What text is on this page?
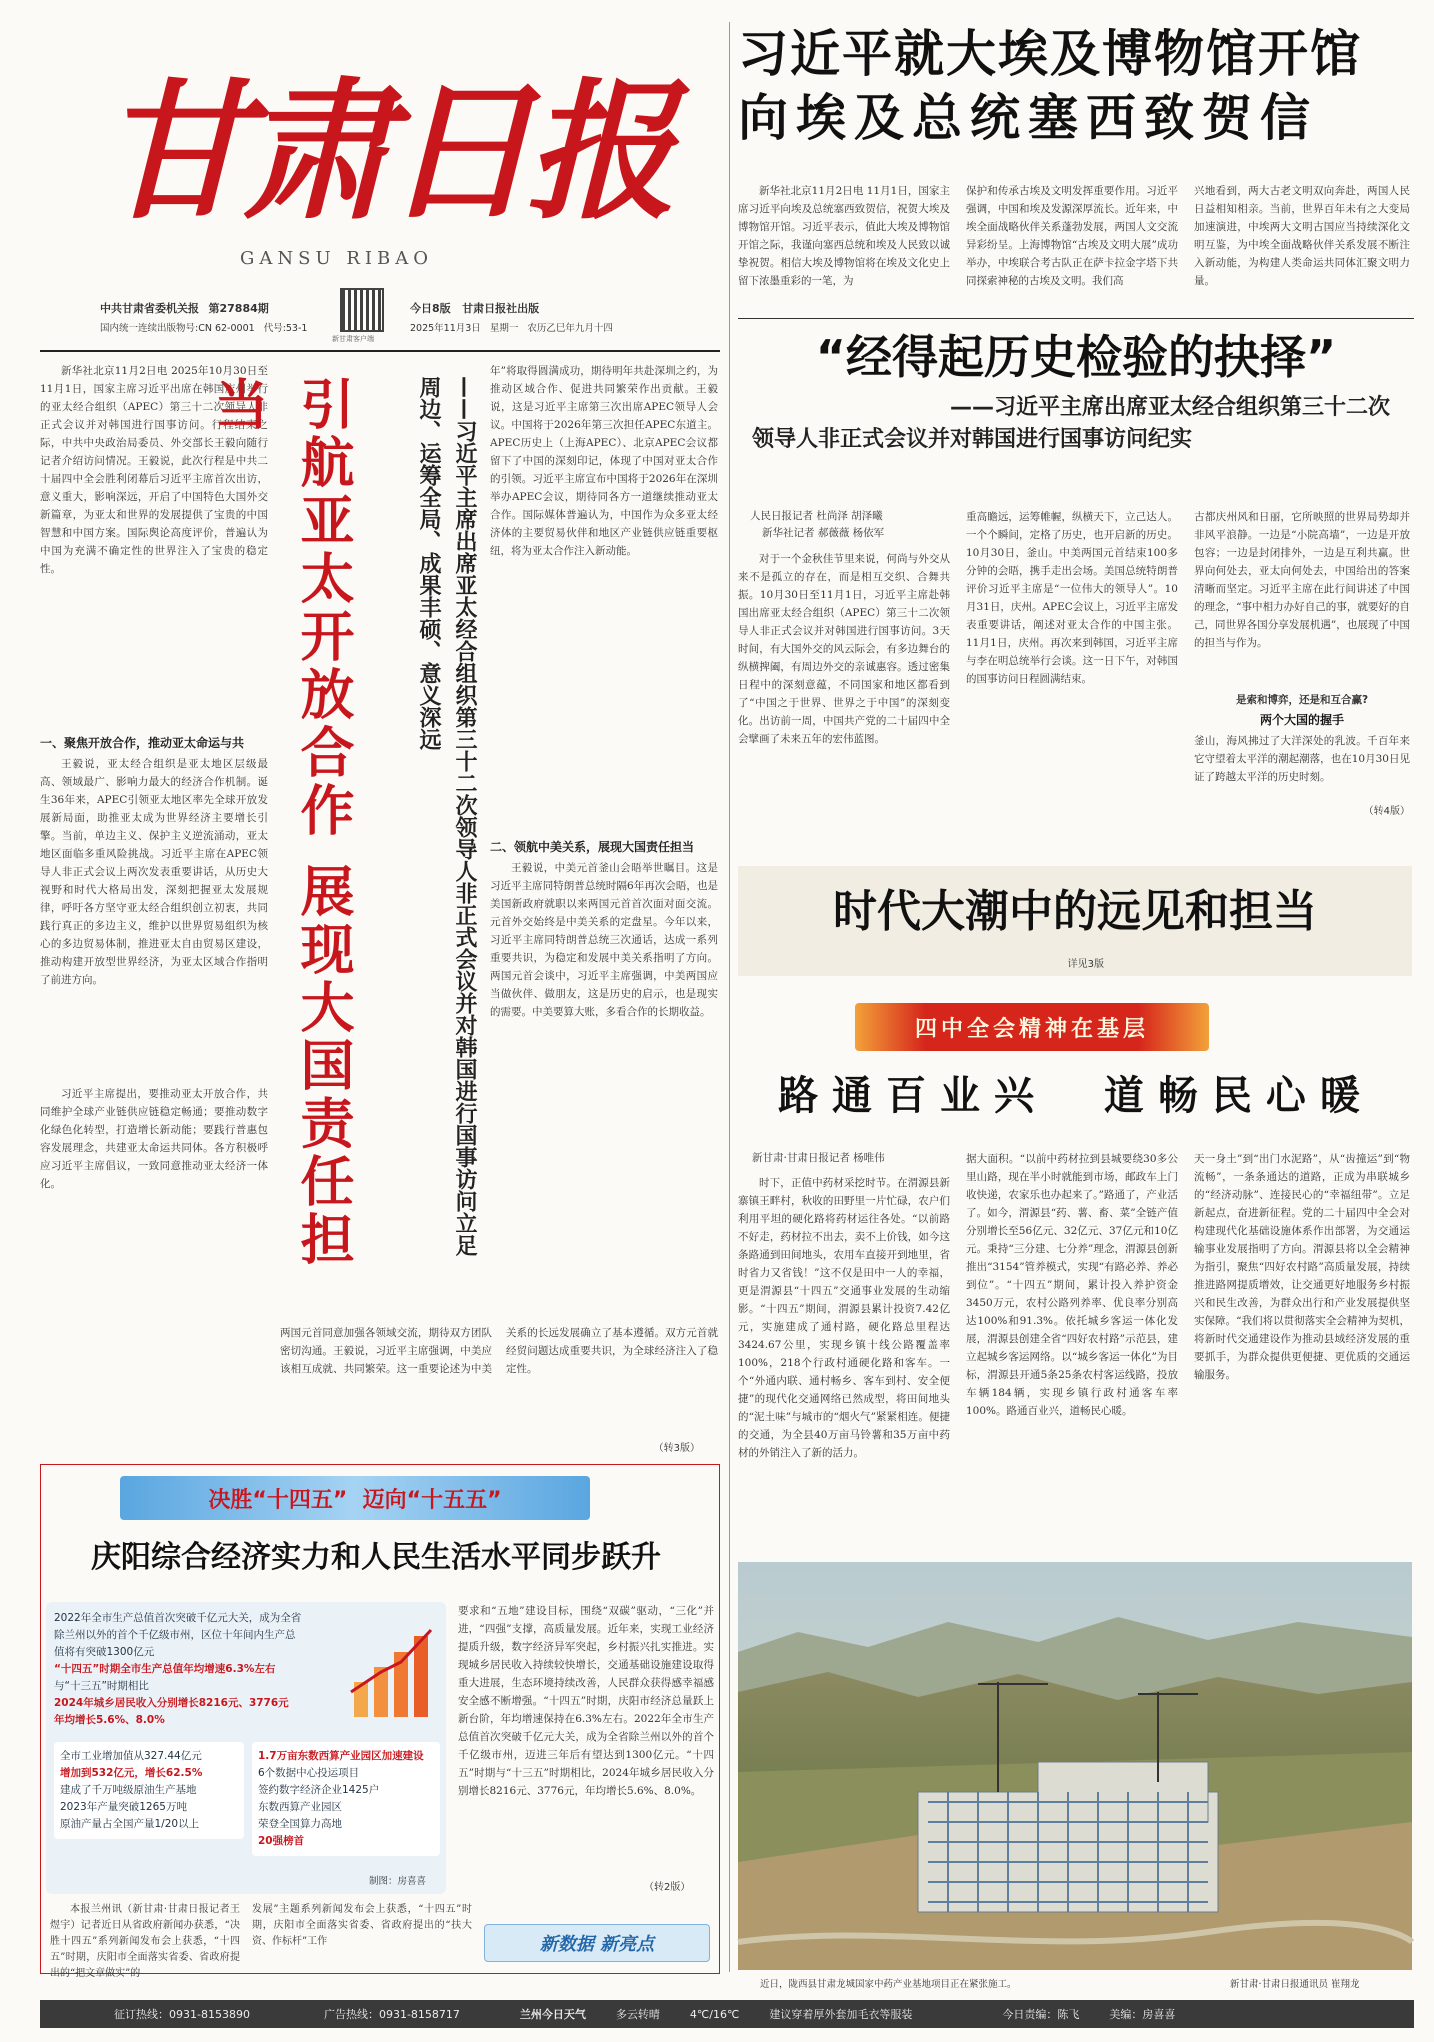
甘肃日报
GANSU RIBAO
中共甘肃省委机关报 第27884期
国内统一连续出版物号:CN 62-0001 代号:53-1
新甘肃客户端
今日8版 甘肃日报社出版
2025年11月3日 星期一 农历乙巳年九月十四
习近平就大埃及博物馆开馆
向埃及总统塞西致贺信
新华社北京11月2日电 11月1日，国家主席习近平向埃及总统塞西致贺信，祝贺大埃及博物馆开馆。习近平表示，值此大埃及博物馆开馆之际，我谨向塞西总统和埃及人民致以诚挚祝贺。相信大埃及博物馆将在埃及文化史上留下浓墨重彩的一笔，为
保护和传承古埃及文明发挥重要作用。习近平强调，中国和埃及发源深厚流长。近年来，中埃全面战略伙伴关系蓬勃发展，两国人文交流异彩纷呈。上海博物馆“古埃及文明大展”成功举办，中埃联合考古队正在萨卡拉金字塔下共同探索神秘的古埃及文明。我们高
兴地看到，两大古老文明双向奔赴，两国人民日益相知相亲。当前，世界百年未有之大变局加速演进，中埃两大文明古国应当持续深化文明互鉴，为中埃全面战略伙伴关系发展不断注入新动能，为构建人类命运共同体汇聚文明力量。
“经得起历史检验的抉择”
——习近平主席出席亚太经合组织第三十二次
领导人非正式会议并对韩国进行国事访问纪实
人民日报记者 杜尚泽 胡泽曦
新华社记者 郝薇薇 杨依军
对于一个金秋佳节里来说，何尚与外交从来不是孤立的存在，而是相互交织、合舞共振。10月30日至11月1日，习近平主席赴韩国出席亚太经合组织（APEC）第三十二次领导人非正式会议并对韩国进行国事访问。3天时间，有大国外交的风云际会，有多边舞台的纵横捭阖，有周边外交的亲诚惠容。透过密集日程中的深刻意蕴，不同国家和地区都看到了“中国之于世界、世界之于中国”的深刻变化。出访前一周，中国共产党的二十届四中全会擘画了未来五年的宏伟蓝图。
重高瞻远，运筹帷幄，纵横天下，立己达人。一个个瞬间，定格了历史，也开启新的历史。10月30日，釜山。中美两国元首结束100多分钟的会晤，携手走出会场。美国总统特朗普评价习近平主席是“一位伟大的领导人”。10月31日，庆州。APEC会议上，习近平主席发表重要讲话，阐述对亚太合作的中国主张。11月1日，庆州。再次来到韩国，习近平主席与李在明总统举行会谈。这一日下午，对韩国的国事访问日程圆满结束。
古都庆州风和日丽，它所映照的世界局势却并非风平浪静。一边是“小院高墙”，一边是开放包容；一边是封闭排外，一边是互利共赢。世界向何处去，亚太向何处去，中国给出的答案清晰而坚定。习近平主席在此行间讲述了中国的理念，“事中相力办好自己的事，就要好的自己，同世界各国分享发展机遇”，也展现了中国的担当与作为。
是索和博弈，还是和互合赢?
两个大国的握手
釜山，海风拂过了大洋深处的乳波。千百年来它守望着太平洋的潮起潮落，也在10月30日见证了跨越太平洋的历史时刻。
（转4版）
时代大潮中的远见和担当
详见3版
四中全会精神在基层
路通百业兴  道畅民心暖
新甘肃·甘肃日报记者 杨唯伟
时下，正值中药材采挖时节。在渭源县新寨镇王畔村，秋收的田野里一片忙碌，农户们利用平坦的硬化路将药材运往各处。“以前路不好走，药材拉不出去，卖不上价钱，如今这条路通到田间地头，农用车直接开到地里，省时省力又省钱！”这不仅是田中一人的幸福，更是渭源县“十四五”交通事业发展的生动缩影。“十四五”期间，渭源县累计投资7.42亿元，实施建成了通村路，硬化路总里程达3424.67公里，实现乡镇十线公路覆盖率100%，218个行政村通硬化路和客车。一个“外通内联、通村畅乡、客车到村、安全便捷”的现代化交通网络已然成型，将田间地头的“泥土味”与城市的“烟火气”紧紧相连。便捷的交通，为全县40万亩马铃薯和35万亩中药材的外销注入了新的活力。
据大面积。“以前中药材拉到县城要绕30多公里山路，现在半小时就能到市场，邮政车上门收快递，农家乐也办起来了。”路通了，产业活了。如今，渭源县“药、薯、畜、菜”全链产值分别增长至56亿元、32亿元、37亿元和10亿元。秉持“三分建、七分养”理念，渭源县创新推出“3154”管养模式，实现“有路必养、养必到位”。“十四五”期间，累计投入养护资金3450万元，农村公路列养率、优良率分别高达100%和91.3%。依托城乡客运一体化发展，渭源县创建全省“四好农村路”示范县，建立起城乡客运网络。以“城乡客运一体化”为目标，渭源县开通5条25条农村客运线路，投放车辆184辆，实现乡镇行政村通客车率100%。路通百业兴，道畅民心暖。
天一身土”到“出门水泥路”，从“齿撞运”到“物流畅”，一条条通达的道路，正成为串联城乡的“经济动脉”、连接民心的“幸福纽带”。立足新起点，奋进新征程。党的二十届四中全会对构建现代化基础设施体系作出部署，为交通运输事业发展指明了方向。渭源县将以全会精神为指引，聚焦“四好农村路”高质量发展，持续推进路网提质增效，让交通更好地服务乡村振兴和民生改善，为群众出行和产业发展提供坚实保障。“我们将以贯彻落实全会精神为契机，将新时代交通建设作为推动县域经济发展的重要抓手，为群众提供更便捷、更优质的交通运输服务。
近日，陇西县甘肃龙城国家中药产业基地项目正在紧张施工。	新甘肃·甘肃日报通讯员 崔翔龙
新华社北京11月2日电 2025年10月30日至11月1日，国家主席习近平出席在韩国庆州举行的亚太经合组织（APEC）第三十二次领导人非正式会议并对韩国进行国事访问。行程结束之际，中共中央政治局委员、外交部长王毅向随行记者介绍访问情况。王毅说，此次行程是中共二十届四中全会胜利闭幕后习近平主席首次出访，意义重大，影响深远，开启了中国特色大国外交新篇章，为亚太和世界的发展提供了宝贵的中国智慧和中国方案。国际舆论高度评价，普遍认为中国为充满不确定性的世界注入了宝贵的稳定性。
一、聚焦开放合作，推动亚太命运与共
王毅说，亚太经合组织是亚太地区层级最高、领域最广、影响力最大的经济合作机制。诞生36年来，APEC引领亚太地区率先全球开放发展新局面，助推亚太成为世界经济主要增长引擎。当前，单边主义、保护主义逆流涌动，亚太地区面临多重风险挑战。习近平主席在APEC领导人非正式会议上两次发表重要讲话，从历史大视野和时代大格局出发，深刻把握亚太发展规律，呼吁各方坚守亚太经合组织创立初衷，共同践行真正的多边主义，维护以世界贸易组织为核心的多边贸易体制，推进亚太自由贸易区建设，推动构建开放型世界经济，为亚太区域合作指明了前进方向。
习近平主席提出，要推动亚太开放合作，共同维护全球产业链供应链稳定畅通；要推动数字化绿色化转型，打造增长新动能；要践行普惠包容发展理念，共建亚太命运共同体。各方积极呼应习近平主席倡议，一致同意推动亚太经济一体化。	引航亚太开放合作 展现大国责任担当	——习近平主席出席亚太经合组织第三十二次领导人非正式会议并对韩国进行国事访问立足周边、运筹全局、成果丰硕、意义深远
年”将取得圆满成功，期待明年共赴深圳之约，为推动区域合作、促进共同繁荣作出贡献。王毅说，这是习近平主席第三次出席APEC领导人会议。中国将于2026年第三次担任APEC东道主。APEC历史上（上海APEC）、北京APEC会议都留下了中国的深刻印记，体现了中国对亚太合作的引领。习近平主席宣布中国将于2026年在深圳举办APEC会议，期待同各方一道继续推动亚太合作。国际媒体普遍认为，中国作为众多亚太经济体的主要贸易伙伴和地区产业链供应链重要枢纽，将为亚太合作注入新动能。
二、领航中美关系，展现大国责任担当
王毅说，中美元首釜山会晤举世瞩目。这是习近平主席同特朗普总统时隔6年再次会晤，也是美国新政府就职以来两国元首首次面对面交流。元首外交始终是中美关系的定盘星。今年以来，习近平主席同特朗普总统三次通话，达成一系列重要共识，为稳定和发展中美关系指明了方向。两国元首会谈中，习近平主席强调，中美两国应当做伙伴、做朋友，这是历史的启示，也是现实的需要。中美要算大账，多看合作的长期收益。
两国元首同意加强各领域交流，期待双方团队密切沟通。王毅说，习近平主席强调，中美应该相互成就、共同繁荣。这一重要论述为中美关系的长远发展确立了基本遵循。双方元首就经贸问题达成重要共识，为全球经济注入了稳定性。
（转3版）
决胜“十四五”  迈向“十五五”
庆阳综合经济实力和人民生活水平同步跃升
2022年全市生产总值首次突破千亿元大关，成为全省除兰州以外的首个千亿级市州，区位十年间内生产总值将有突破1300亿元
“十四五”时期全市生产总值年均增速6.3%左右
与“十三五”时期相比
2024年城乡居民收入分别增长8216元、3776元
年均增长5.6%、8.0%
全市工业增加值从327.44亿元
增加到532亿元，增长62.5%
建成了千万吨级原油生产基地
2023年产量突破1265万吨
原油产量占全国产量1/20以上
1.7万亩东数西算产业园区加速建设
6个数据中心投运项目
签约数字经济企业1425户
东数西算产业园区
荣登全国算力高地
20强榜首
制图：房喜喜
要求和“五地”建设目标，围绕“双碳”驱动，“三化”并进，“四强”支撑，高质量发展。近年来，实现工业经济提质升级，数字经济异军突起，乡村振兴扎实推进。实现城乡居民收入持续较快增长，交通基础设施建设取得重大进展，生态环境持续改善，人民群众获得感幸福感安全感不断增强。“十四五”时期，庆阳市经济总量跃上新台阶，年均增速保持在6.3%左右。2022年全市生产总值首次突破千亿元大关，成为全省除兰州以外的首个千亿级市州，迈进三年后有望达到1300亿元。“十四五”时期与“十三五”时期相比，2024年城乡居民收入分别增长8216元、3776元，年均增长5.6%、8.0%。
（转2版）
本报兰州讯（新甘肃·甘肃日报记者王煜宇）记者近日从省政府新闻办获悉，“决胜十四五”系列新闻发布会上获悉，“十四五”时期，庆阳市全面落实省委、省政府提出的“把文章做实”的
发展”主题系列新闻发布会上获悉，“十四五”时期，庆阳市全面落实省委、省政府提出的“扶大资、作标杆”工作	新数据 新亮点
征订热线：0931-8153890	广告热线：0931-8158717	兰州今日天气	多云转晴	4℃/16℃	建议穿着厚外套加毛衣等服装	今日责编：陈飞	美编：房喜喜
